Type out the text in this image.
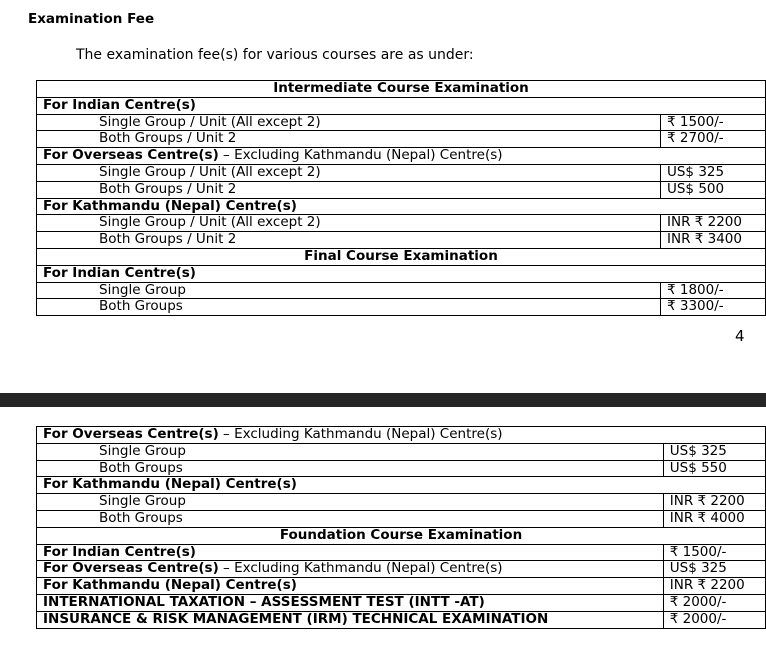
Examination Fee
The examination fee(s) for various courses are as under:
Intermediate Course Examination	
For Indian Centre(s)	
Single Group / Unit (All except 2)	₹ 1500/-
Both Groups / Unit 2	₹ 2700/-
For Overseas Centre(s) – Excluding Kathmandu (Nepal) Centre(s)	
Single Group / Unit (All except 2)	US$ 325
Both Groups / Unit 2	US$ 500
For Kathmandu (Nepal) Centre(s)	
Single Group / Unit (All except 2)	INR ₹ 2200
Both Groups / Unit 2	INR ₹ 3400
Final Course Examination	
For Indian Centre(s)	
Single Group	₹ 1800/-
Both Groups	₹ 3300/-
4
For Overseas Centre(s) – Excluding Kathmandu (Nepal) Centre(s)	
Single Group	US$ 325
Both Groups	US$ 550
For Kathmandu (Nepal) Centre(s)	
Single Group	INR ₹ 2200
Both Groups	INR ₹ 4000
Foundation Course Examination	
For Indian Centre(s)	₹ 1500/-
For Overseas Centre(s) – Excluding Kathmandu (Nepal) Centre(s)	US$ 325
For Kathmandu (Nepal) Centre(s)	INR ₹ 2200
INTERNATIONAL TAXATION – ASSESSMENT TEST (INTT -AT)	₹ 2000/-
INSURANCE & RISK MANAGEMENT (IRM) TECHNICAL EXAMINATION	₹ 2000/-
